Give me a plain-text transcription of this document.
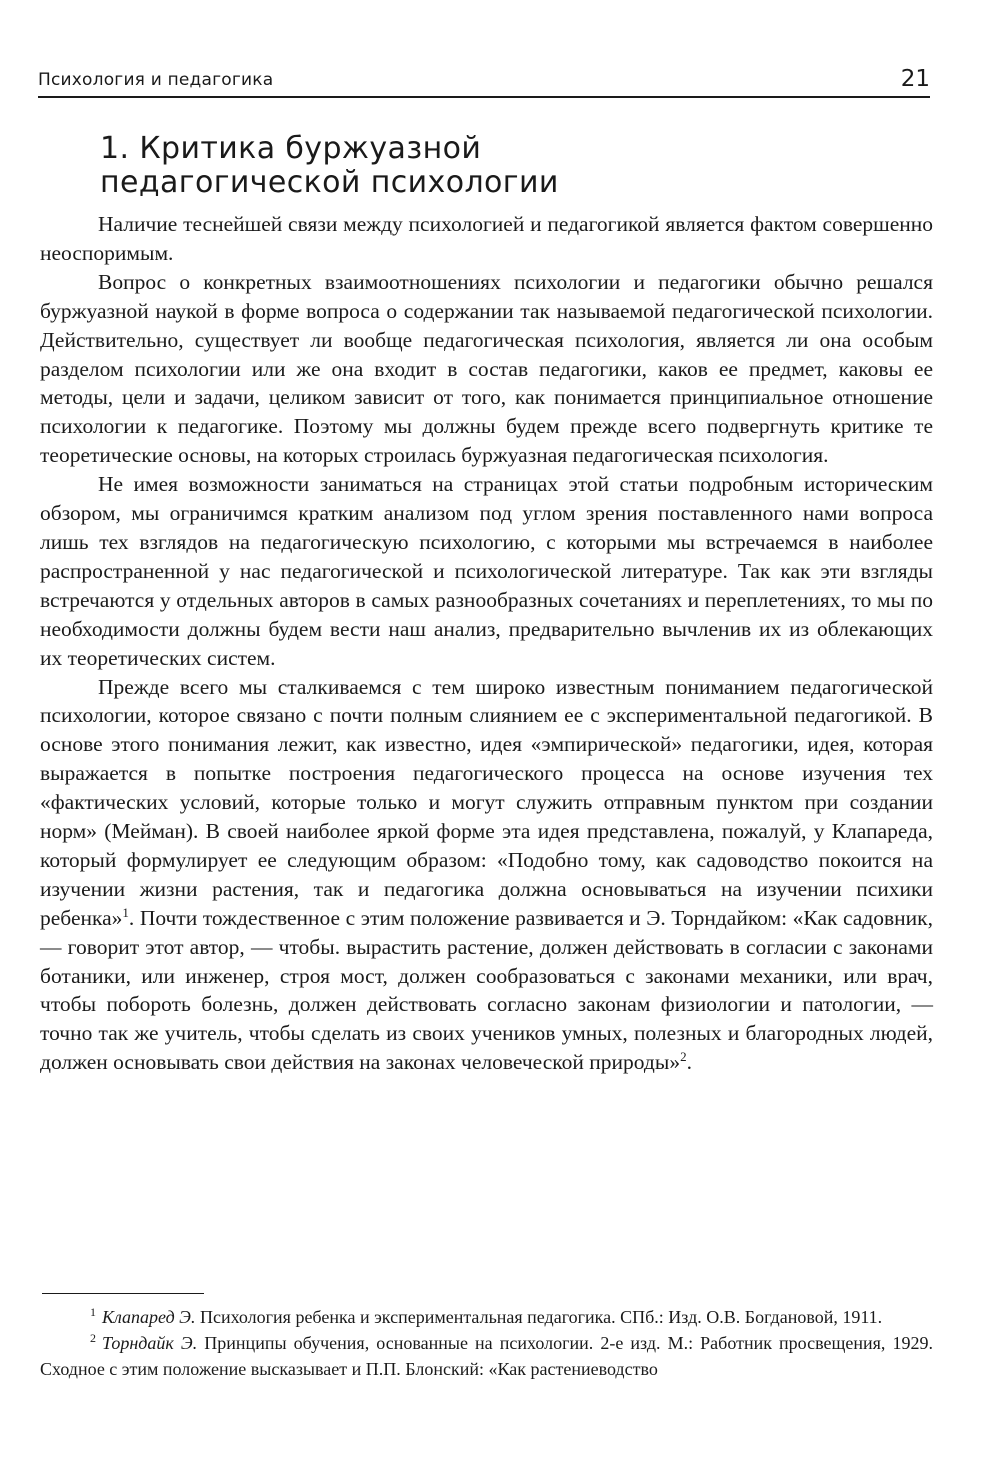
Психология и педагогика	21
1. Критика буржуазной
педагогической психологии

Наличие теснейшей связи между психологией и педагогикой является фактом совершенно неоспоримым.

Вопрос о конкретных взаимоотношениях психологии и педагогики обычно решался буржуазной наукой в форме вопроса о содержании так называемой педагогической психологии. Действительно, существует ли вообще педагогическая психология, является ли она особым разделом психологии или же она входит в состав педагогики, каков ее предмет, каковы ее методы, цели и задачи, целиком зависит от того, как понимается принципиальное отношение психологии к педагогике. Поэтому мы должны будем прежде всего подвергнуть критике те теоретические основы, на которых строилась буржуазная педагогическая психология.

Не имея возможности заниматься на страницах этой статьи подробным историческим обзором, мы ограничимся кратким анализом под углом зрения поставленного нами вопроса лишь тех взглядов на педагогическую психологию, с которыми мы встречаемся в наиболее распространенной у нас педагогической и психологической литературе. Так как эти взгляды встречаются у отдельных авторов в самых разнообразных сочетаниях и переплетениях, то мы по необходимости должны будем вести наш анализ, предварительно вычленив их из облекающих их теоретических систем.

Прежде всего мы сталкиваемся с тем широко известным пониманием педагогической психологии, которое связано с почти полным слиянием ее с экспериментальной педагогикой. В основе этого понимания лежит, как известно, идея «эмпирической» педагогики, идея, которая выражается в попытке построения педагогического процесса на основе изучения тех «фактических условий, которые только и могут служить отправным пунктом при создании норм» (Мейман). В своей наиболее яркой форме эта идея представлена, пожалуй, у Клапареда, который формулирует ее следующим образом: «Подобно тому, как садоводство покоится на изучении жизни растения, так и педагогика должна основываться на изучении психики ребенка»$^1$. Почти тождественное с этим положение развивается и Э. Торндайком: «Как садовник, — говорит этот автор, — чтобы. вырастить растение, должен действовать в согласии с законами ботаники, или инженер, строя мост, должен сообразоваться с законами механики, или врач, чтобы побороть болезнь, должен действовать согласно законам физиологии и патологии, — точно так же учитель, чтобы сделать из своих учеников умных, полезных и благородных людей, должен основывать свои действия на законах человеческой природы»$^2$.

$^1$ Клапаред Э. Психология ребенка и экспериментальная педагогика. СПб.: Изд. О.В. Богдановой, 1911.

$^2$ Торндайк Э. Принципы обучения, основанные на психологии. 2-е изд. М.: Работник просвещения, 1929. Сходное с этим положение высказывает и П.П. Блонский: «Как растениеводство
